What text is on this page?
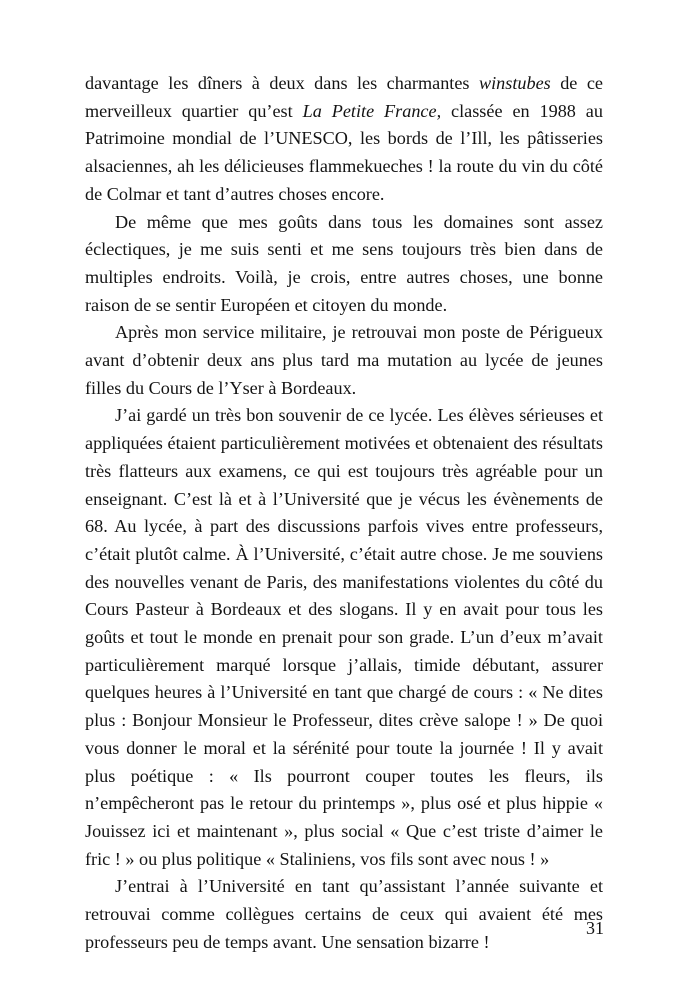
davantage les dîners à deux dans les charmantes winstubes de ce merveilleux quartier qu’est La Petite France, classée en 1988 au Patrimoine mondial de l’UNESCO, les bords de l’Ill, les pâtisseries alsaciennes, ah les délicieuses flammekueches ! la route du vin du côté de Colmar et tant d’autres choses encore.

De même que mes goûts dans tous les domaines sont assez éclectiques, je me suis senti et me sens toujours très bien dans de multiples endroits. Voilà, je crois, entre autres choses, une bonne raison de se sentir Européen et citoyen du monde.

Après mon service militaire, je retrouvai mon poste de Périgueux avant d’obtenir deux ans plus tard ma mutation au lycée de jeunes filles du Cours de l’Yser à Bordeaux.

J’ai gardé un très bon souvenir de ce lycée. Les élèves sérieuses et appliquées étaient particulièrement motivées et obtenaient des résultats très flatteurs aux examens, ce qui est toujours très agréable pour un enseignant. C’est là et à l’Université que je vécus les évènements de 68. Au lycée, à part des discussions parfois vives entre professeurs, c’était plutôt calme. À l’Université, c’était autre chose. Je me souviens des nouvelles venant de Paris, des manifestations violentes du côté du Cours Pasteur à Bordeaux et des slogans. Il y en avait pour tous les goûts et tout le monde en prenait pour son grade. L’un d’eux m’avait particulièrement marqué lorsque j’allais, timide débutant, assurer quelques heures à l’Université en tant que chargé de cours : « Ne dites plus : Bonjour Monsieur le Professeur, dites crève salope ! » De quoi vous donner le moral et la sérénité pour toute la journée ! Il y avait plus poétique : « Ils pourront couper toutes les fleurs, ils n’empêcheront pas le retour du printemps », plus osé et plus hippie « Jouissez ici et maintenant », plus social « Que c’est triste d’aimer le fric ! » ou plus politique « Staliniens, vos fils sont avec nous ! »

J’entrai à l’Université en tant qu’assistant l’année suivante et retrouvai comme collègues certains de ceux qui avaient été mes professeurs peu de temps avant. Une sensation bizarre !

31
